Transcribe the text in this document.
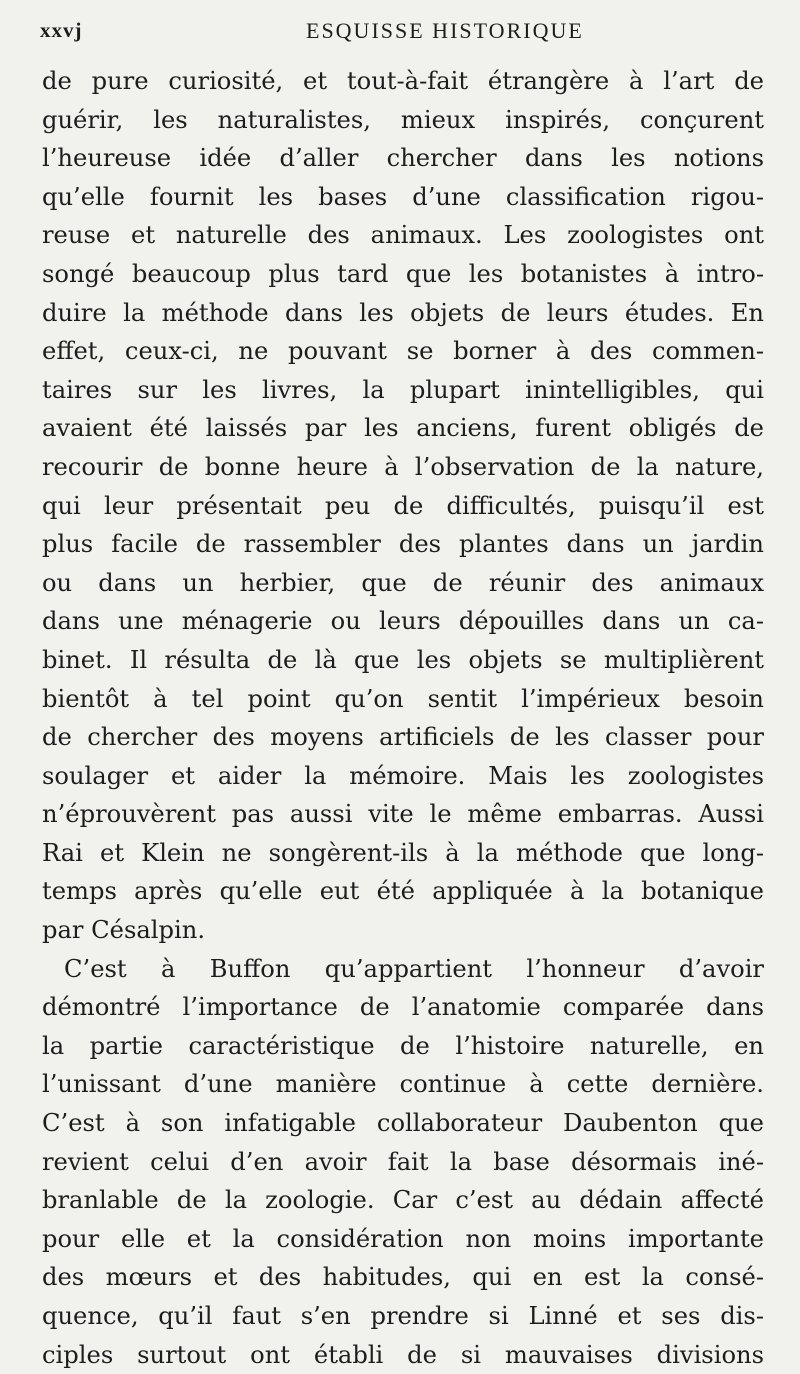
xxvj	ESQUISSE HISTORIQUE
de pure curiosité, et tout-à-fait étrangère à l’art de
guérir, les naturalistes, mieux inspirés, conçurent
l’heureuse idée d’aller chercher dans les notions
qu’elle fournit les bases d’une classification rigou-
reuse et naturelle des animaux. Les zoologistes ont
songé beaucoup plus tard que les botanistes à intro-
duire la méthode dans les objets de leurs études. En
effet, ceux-ci, ne pouvant se borner à des commen-
taires sur les livres, la plupart inintelligibles, qui
avaient été laissés par les anciens, furent obligés de
recourir de bonne heure à l’observation de la nature,
qui leur présentait peu de difficultés, puisqu’il est
plus facile de rassembler des plantes dans un jardin
ou dans un herbier, que de réunir des animaux
dans une ménagerie ou leurs dépouilles dans un ca-
binet. Il résulta de là que les objets se multiplièrent
bientôt à tel point qu’on sentit l’impérieux besoin
de chercher des moyens artificiels de les classer pour
soulager et aider la mémoire. Mais les zoologistes
n’éprouvèrent pas aussi vite le même embarras. Aussi
Rai et Klein ne songèrent-ils à la méthode que long-
temps après qu’elle eut été appliquée à la botanique
par Césalpin.
C’est à Buffon qu’appartient l’honneur d’avoir
démontré l’importance de l’anatomie comparée dans
la partie caractéristique de l’histoire naturelle, en
l’unissant d’une manière continue à cette dernière.
C’est à son infatigable collaborateur Daubenton que
revient celui d’en avoir fait la base désormais iné-
branlable de la zoologie. Car c’est au dédain affecté
pour elle et la considération non moins importante
des mœurs et des habitudes, qui en est la consé-
quence, qu’il faut s’en prendre si Linné et ses dis-
ciples surtout ont établi de si mauvaises divisions
